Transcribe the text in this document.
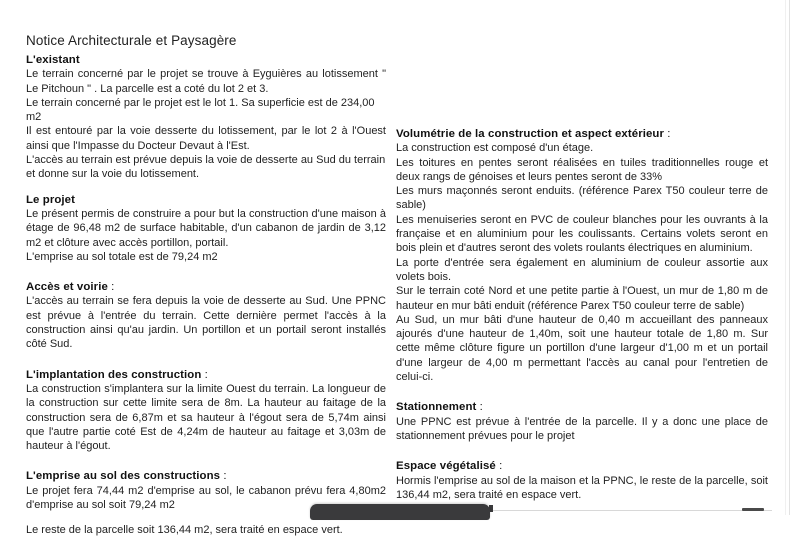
Notice Architecturale et Paysagère
L'existant

Le terrain concerné par le projet se trouve à Eyguières au lotissement " Le Pitchoun " . La parcelle est a coté du lot 2 et 3.

Le terrain concerné par le projet est le lot 1. Sa superficie est de 234,00 m2

Il est entouré par la voie desserte du lotissement, par le lot 2 à l'Ouest ainsi que l'Impasse du Docteur Devaut à l'Est.

L'accès au terrain est prévue depuis la voie de desserte au Sud du terrain et donne sur la voie du lotissement.

Le projet

Le présent permis de construire a pour but la construction d'une maison à étage de 96,48 m2 de surface habitable, d'un cabanon de jardin de 3,12 m2 et clôture avec accès portillon, portail.

L'emprise au sol totale est de 79,24 m2

Accès et voirie :

L'accès au terrain se fera depuis la voie de desserte au Sud. Une PPNC est prévue à l'entrée du terrain. Cette dernière permet l'accès à la construction ainsi qu'au jardin. Un portillon et un portail seront installés côté Sud.

L'implantation des construction :

La construction s'implantera sur la limite Ouest du terrain. La longueur de la construction sur cette limite sera de 8m. La hauteur au faitage de la construction sera de 6,87m et sa hauteur à l'égout sera de 5,74m ainsi que l'autre partie coté Est de 4,24m de hauteur au faitage et 3,03m de hauteur à l'égout.

L'emprise au sol des constructions :

Le projet fera 74,44 m2 d'emprise au sol, le cabanon prévu fera 4,80m2 d'emprise au sol soit 79,24 m2

Le reste de la parcelle soit 136,44 m2, sera traité en espace vert.

Volumétrie de la construction et aspect extérieur :

La construction est composé d'un étage.

Les toitures en pentes seront réalisées en tuiles traditionnelles rouge et deux rangs de génoises et leurs pentes seront de 33%

Les murs maçonnés seront enduits. (référence Parex T50 couleur terre de sable)

Les menuiseries seront en PVC de couleur blanches pour les ouvrants à la française et en aluminium pour les coulissants. Certains volets seront en bois plein et d'autres seront des volets roulants électriques en aluminium.

La porte d'entrée sera également en aluminium de couleur assortie aux volets bois.

Sur le terrain coté Nord et une petite partie à l'Ouest, un mur de 1,80 m de hauteur en mur bâti enduit (référence Parex T50 couleur terre de sable)

Au Sud, un mur bâti d'une hauteur de 0,40 m accueillant des panneaux ajourés d'une hauteur de 1,40m, soit une hauteur totale de 1,80 m. Sur cette même clôture figure un portillon d'une largeur d'1,00 m et un portail d'une largeur de 4,00 m permettant l'accès au canal pour l'entretien de celui-ci.

Stationnement :

Une PPNC est prévue à l'entrée de la parcelle. Il y a donc une place de stationnement prévues pour le projet

Espace végétalisé :

Hormis l'emprise au sol de la maison et la PPNC, le reste de la parcelle, soit 136,44 m2, sera traité en espace vert.
